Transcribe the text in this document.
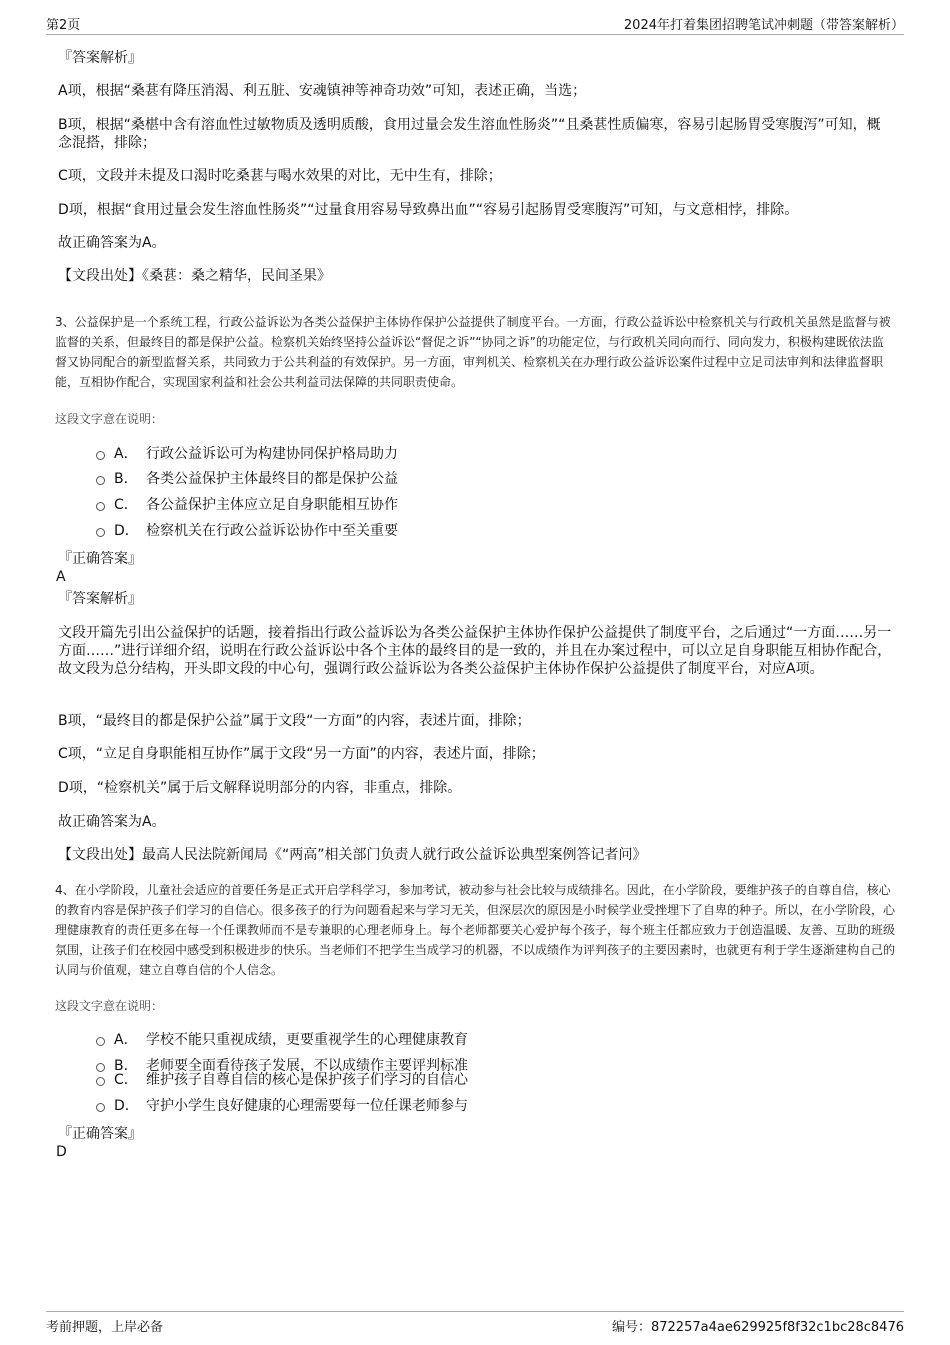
第2页	2024年打着集团招聘笔试冲刺题（带答案解析）
『答案解析』
A项，根据“桑葚有降压消渴、利五脏、安魂镇神等神奇功效”可知，表述正确，当选；
B项，根据“桑椹中含有溶血性过敏物质及透明质酸，食用过量会发生溶血性肠炎”“且桑葚性质偏寒，容易引起肠胃受寒腹泻”可知，概念混搭，排除；
C项，文段并未提及口渴时吃桑葚与喝水效果的对比，无中生有，排除；
D项，根据“食用过量会发生溶血性肠炎”“过量食用容易导致鼻出血”“容易引起肠胃受寒腹泻”可知，与文意相悖，排除。
故正确答案为A。
【文段出处】《桑葚：桑之精华，民间圣果》
3、公益保护是一个系统工程，行政公益诉讼为各类公益保护主体协作保护公益提供了制度平台。一方面，行政公益诉讼中检察机关与行政机关虽然是监督与被监督的关系，但最终目的都是保护公益。检察机关始终坚持公益诉讼“督促之诉”“协同之诉”的功能定位，与行政机关同向而行、同向发力，积极构建既依法监督又协同配合的新型监督关系，共同致力于公共利益的有效保护。另一方面，审判机关、检察机关在办理行政公益诉讼案件过程中立足司法审判和法律监督职能，互相协作配合，实现国家利益和社会公共利益司法保障的共同职责使命。
这段文字意在说明：
A． 行政公益诉讼可为构建协同保护格局助力
B． 各类公益保护主体最终目的都是保护公益
C． 各公益保护主体应立足自身职能相互协作
D． 检察机关在行政公益诉讼协作中至关重要
『正确答案』
A
『答案解析』
文段开篇先引出公益保护的话题，接着指出行政公益诉讼为各类公益保护主体协作保护公益提供了制度平台，之后通过“一方面……另一方面……”进行详细介绍，说明在行政公益诉讼中各个主体的最终目的是一致的，并且在办案过程中，可以立足自身职能互相协作配合，故文段为总分结构，开头即文段的中心句，强调行政公益诉讼为各类公益保护主体协作保护公益提供了制度平台，对应A项。
B项，“最终目的都是保护公益”属于文段“一方面”的内容，表述片面，排除；
C项，“立足自身职能相互协作”属于文段“另一方面”的内容，表述片面，排除；
D项，“检察机关”属于后文解释说明部分的内容，非重点，排除。
故正确答案为A。
【文段出处】最高人民法院新闻局《“两高”相关部门负责人就行政公益诉讼典型案例答记者问》
4、在小学阶段，儿童社会适应的首要任务是正式开启学科学习，参加考试，被动参与社会比较与成绩排名。因此，在小学阶段，要维护孩子的自尊自信，核心的教育内容是保护孩子们学习的自信心。很多孩子的行为问题看起来与学习无关，但深层次的原因是小时候学业受挫埋下了自卑的种子。所以，在小学阶段，心理健康教育的责任更多在每一个任课教师而不是专兼职的心理老师身上。每个老师都要关心爱护每个孩子，每个班主任都应致力于创造温暖、友善、互助的班级氛围，让孩子们在校园中感受到积极进步的快乐。当老师们不把学生当成学习的机器，不以成绩作为评判孩子的主要因素时，也就更有利于学生逐渐建构自己的认同与价值观，建立自尊自信的个人信念。
这段文字意在说明：
A． 学校不能只重视成绩，更要重视学生的心理健康教育
B． 老师要全面看待孩子发展，不以成绩作主要评判标准
C． 维护孩子自尊自信的核心是保护孩子们学习的自信心
D． 守护小学生良好健康的心理需要每一位任课老师参与
『正确答案』
D
考前押题，上岸必备	编号：872257a4ae629925f8f32c1bc28c8476
